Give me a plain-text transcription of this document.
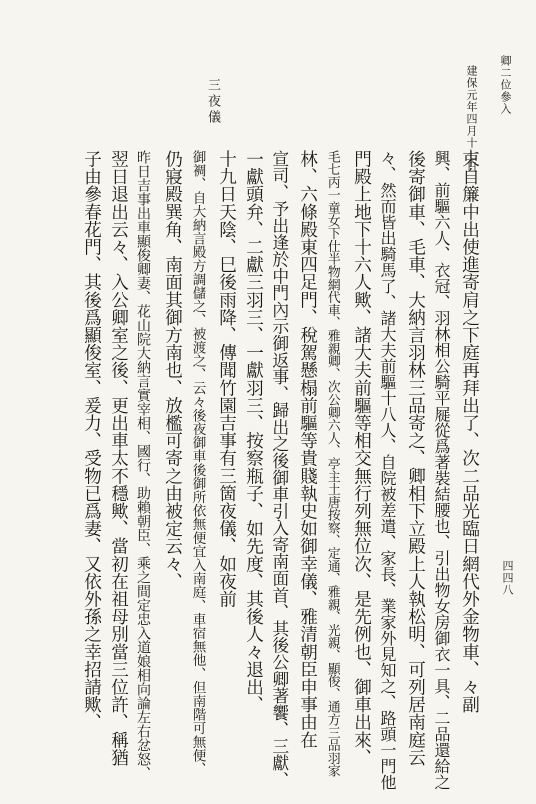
卿二位參入
四四八
建保元年四月十七日
三夜儀
束自簾中出使進寄肩之下庭再拜出了、次二品光臨日網代外金物車、々副
興、前驅六人、衣冠、羽林相公騎平屣從爲著裝結腰也、引出物女房御衣一具、二品還給之
後寄御車、毛車、大納言羽林三品寄之、卿相下立殿上人執松明、可列居南庭云
々、然而皆出騎馬了、諸大夫前驅十八人、自院被差遣、家長、業家外見知之、路頭一門他
門殿上地下十六人歟、諸大夫前驅等相交無行列無位次、是先例也、御車出來、
毛七丙一童女下仕半物網代車、雅親卿、次公卿六人、亭主土唐按察、定通、雅親、光親、顯俊、通方三品羽家
林、六條殿東四足門、稅駕懸榻前驅等貴賤執史如御幸儀、雅清朝臣申事由在
宣司、予出逢於中門內示御返事、歸出之後御車引入寄南面首、其後公卿著饗、三獻、
一獻頭弁、二獻三羽三、一獻羽三、按察瓶子、如先度、其後人々退出、
十九日天陰、巳後雨降、傳聞竹園吉事有三箇夜儀、如夜前
御裯、自大納言殿方調儲之、被渡之、云々後夜御車後御所依無便宜入南庭、車宿無他、但南階可無便、
仍寢殿巽角、南面其御方南也、放檻可寄之由被定云々、
昨日吉事出車顯俊卿妻、花山院大納言實宰相、國行、助賴朝臣、乘之間定忠入道娘相向論左右忿怒、
翌日退出云々、入公卿室之後、更出車太不穩歟、當初在祖母別當三位許、稱猶
子由參春花門、其後爲顯俊室、爰力、受物已爲妻、又依外孫之幸招請歟、
